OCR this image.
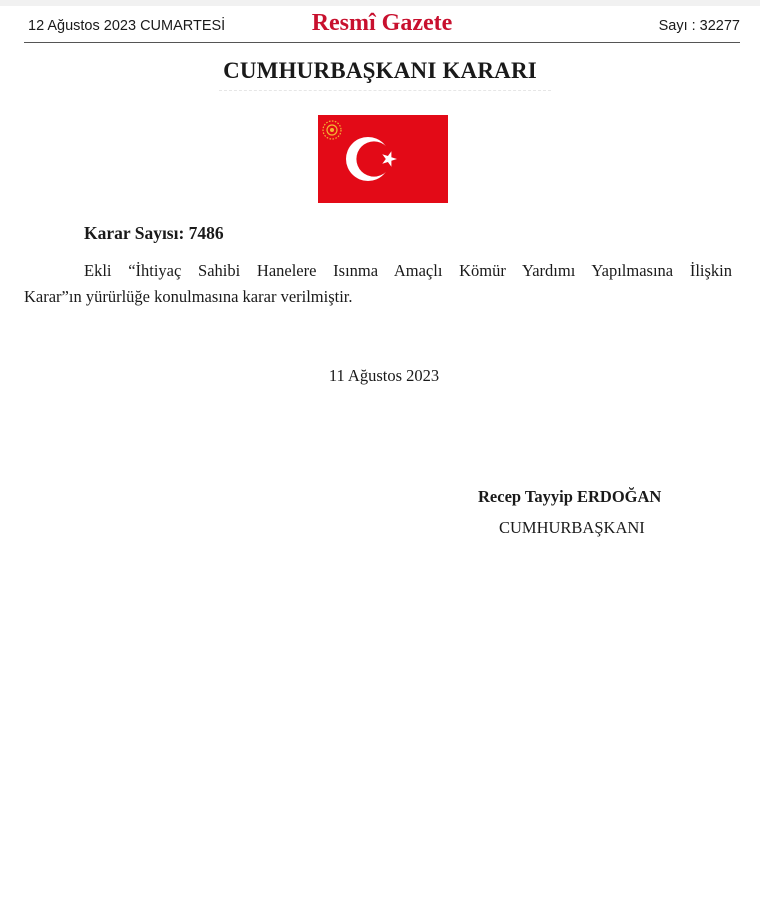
12 Ağustos 2023 CUMARTESİ	Resmî Gazete	Sayı : 32277
CUMHURBAŞKANI KARARI
Karar Sayısı: 7486
Ekli “İhtiyaç Sahibi Hanelere Isınma Amaçlı Kömür Yardımı Yapılmasına İlişkin
Karar”ın yürürlüğe konulmasına karar verilmiştir.
11 Ağustos 2023
Recep Tayyip ERDOĞAN
CUMHURBAŞKANI
